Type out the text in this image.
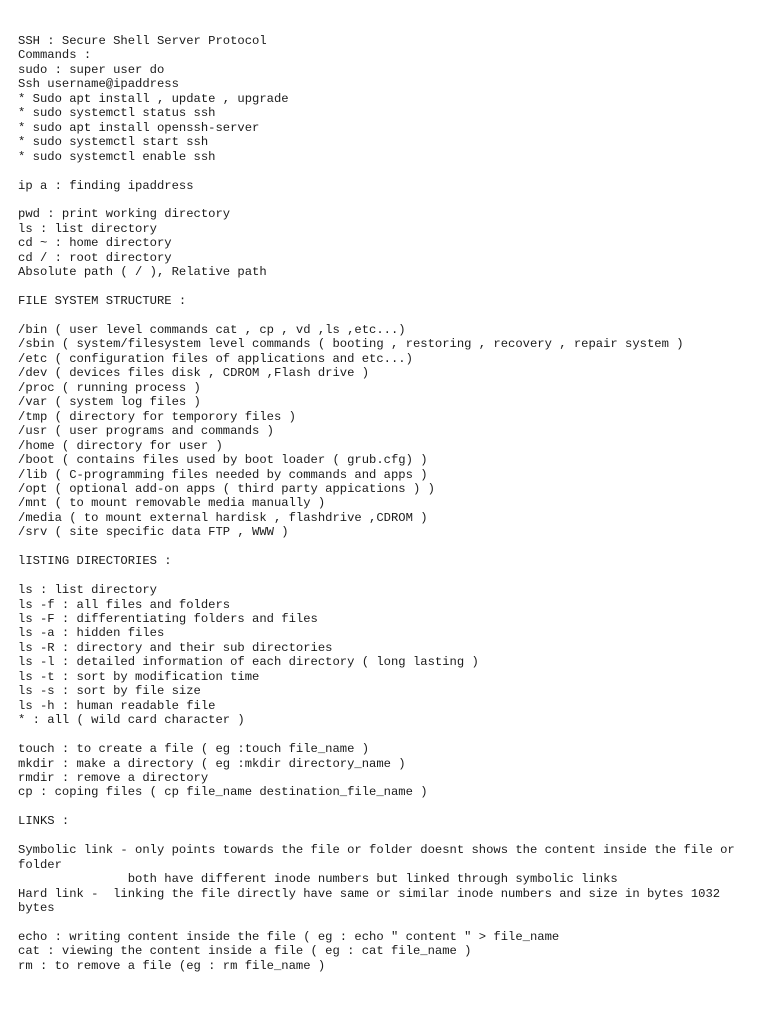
SSH : Secure Shell Server Protocol
Commands :
sudo : super user do
Ssh username@ipaddress
* Sudo apt install , update , upgrade
* sudo systemctl status ssh
* sudo apt install openssh-server
* sudo systemctl start ssh
* sudo systemctl enable ssh
ip a : finding ipaddress
pwd : print working directory
ls : list directory
cd ~ : home directory
cd / : root directory
Absolute path ( / ), Relative path
FILE SYSTEM STRUCTURE :
/bin ( user level commands cat , cp , vd ,ls ,etc...)
/sbin ( system/filesystem level commands ( booting , restoring , recovery , repair system )
/etc ( configuration files of applications and etc...)
/dev ( devices files disk , CDROM ,Flash drive )
/proc ( running process )
/var ( system log files )
/tmp ( directory for temporory files )
/usr ( user programs and commands )
/home ( directory for user )
/boot ( contains files used by boot loader ( grub.cfg) )
/lib ( C-programming files needed by commands and apps )
/opt ( optional add-on apps ( third party appications ) )
/mnt ( to mount removable media manually )
/media ( to mount external hardisk , flashdrive ,CDROM )
/srv ( site specific data FTP , WWW )
lISTING DIRECTORIES :
ls : list directory
ls -f : all files and folders
ls -F : differentiating folders and files
ls -a : hidden files
ls -R : directory and their sub directories
ls -l : detailed information of each directory ( long lasting )
ls -t : sort by modification time
ls -s : sort by file size
ls -h : human readable file
* : all ( wild card character )
touch : to create a file ( eg :touch file_name )
mkdir : make a directory ( eg :mkdir directory_name )
rmdir : remove a directory
cp : coping files ( cp file_name destination_file_name )
LINKS :
Symbolic link - only points towards the file or folder doesnt shows the content inside the file or folder
both have different inode numbers but linked through symbolic links
Hard link -  linking the file directly have same or similar inode numbers and size in bytes 1032 bytes
echo : writing content inside the file ( eg : echo " content " > file_name
cat : viewing the content inside a file ( eg : cat file_name )
rm : to remove a file (eg : rm file_name )
